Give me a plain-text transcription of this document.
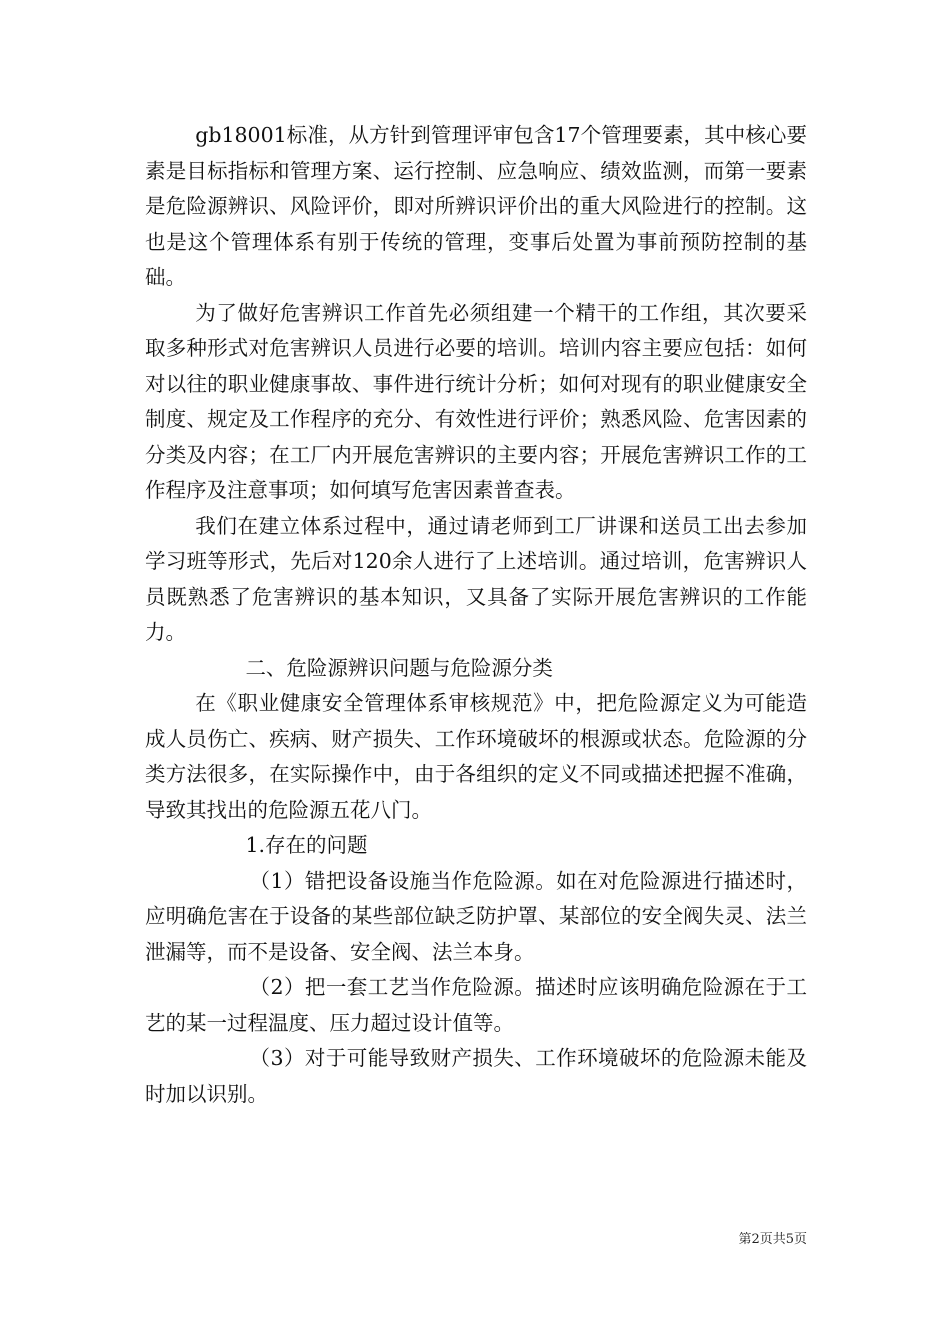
gb18001标准，从方针到管理评审包含17个管理要素，其中核心要素是目标指标和管理方案、运行控制、应急响应、绩效监测，而第一要素是危险源辨识、风险评价，即对所辨识评价出的重大风险进行的控制。这也是这个管理体系有别于传统的管理，变事后处置为事前预防控制的基础。

为了做好危害辨识工作首先必须组建一个精干的工作组，其次要采取多种形式对危害辨识人员进行必要的培训。培训内容主要应包括：如何对以往的职业健康事故、事件进行统计分析；如何对现有的职业健康安全制度、规定及工作程序的充分、有效性进行评价；熟悉风险、危害因素的分类及内容；在工厂内开展危害辨识的主要内容；开展危害辨识工作的工作程序及注意事项；如何填写危害因素普查表。

我们在建立体系过程中，通过请老师到工厂讲课和送员工出去参加学习班等形式，先后对120余人进行了上述培训。通过培训，危害辨识人员既熟悉了危害辨识的基本知识，又具备了实际开展危害辨识的工作能力。

二、危险源辨识问题与危险源分类

在《职业健康安全管理体系审核规范》中，把危险源定义为可能造成人员伤亡、疾病、财产损失、工作环境破坏的根源或状态。危险源的分类方法很多，在实际操作中，由于各组织的定义不同或描述把握不准确，导致其找出的危险源五花八门。

1.存在的问题

（1）错把设备设施当作危险源。如在对危险源进行描述时，应明确危害在于设备的某些部位缺乏防护罩、某部位的安全阀失灵、法兰泄漏等，而不是设备、安全阀、法兰本身。

（2）把一套工艺当作危险源。描述时应该明确危险源在于工艺的某一过程温度、压力超过设计值等。

（3）对于可能导致财产损失、工作环境破坏的危险源未能及时加以识别。

第2页共5页
